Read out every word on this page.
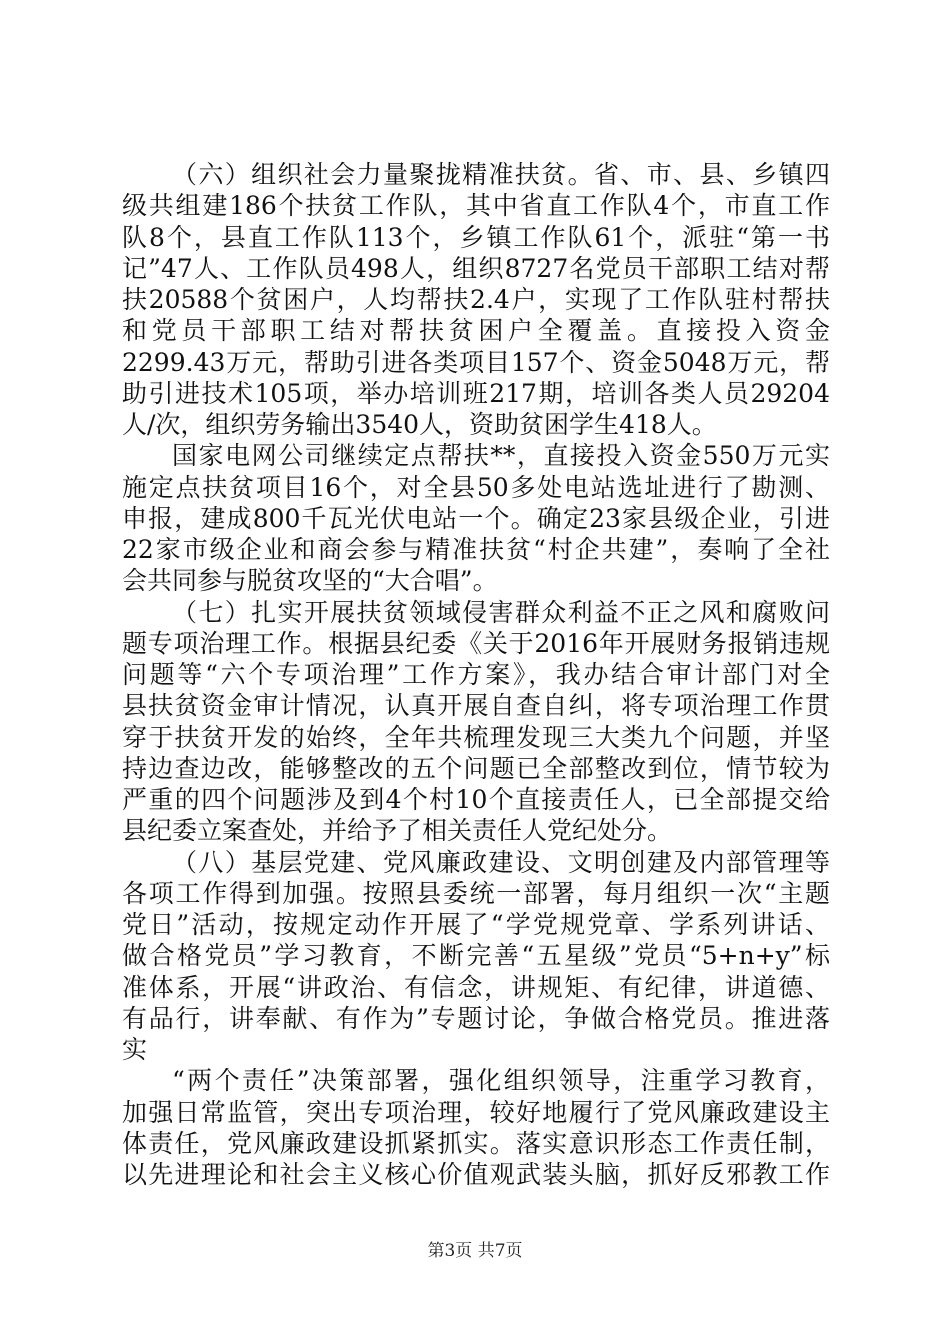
（六）组织社会力量聚拢精准扶贫。省、市、县、乡镇四
级共组建186个扶贫工作队，其中省直工作队4个，市直工作
队8个，县直工作队113个，乡镇工作队61个，派驻“第一书
记”47人、工作队员498人，组织8727名党员干部职工结对帮
扶20588个贫困户，人均帮扶2.4户，实现了工作队驻村帮扶
和党员干部职工结对帮扶贫困户全覆盖。直接投入资金
2299.43万元，帮助引进各类项目157个、资金5048万元，帮
助引进技术105项，举办培训班217期，培训各类人员29204
人/次，组织劳务输出3540人，资助贫困学生418人。
国家电网公司继续定点帮扶**，直接投入资金550万元实
施定点扶贫项目16个，对全县50多处电站选址进行了勘测、
申报，建成800千瓦光伏电站一个。确定23家县级企业，引进
22家市级企业和商会参与精准扶贫“村企共建”，奏响了全社
会共同参与脱贫攻坚的“大合唱”。
（七）扎实开展扶贫领域侵害群众利益不正之风和腐败问
题专项治理工作。根据县纪委《关于2016年开展财务报销违规
问题等“六个专项治理”工作方案》，我办结合审计部门对全
县扶贫资金审计情况，认真开展自查自纠，将专项治理工作贯
穿于扶贫开发的始终，全年共梳理发现三大类九个问题，并坚
持边查边改，能够整改的五个问题已全部整改到位，情节较为
严重的四个问题涉及到4个村10个直接责任人，已全部提交给
县纪委立案查处，并给予了相关责任人党纪处分。
（八）基层党建、党风廉政建设、文明创建及内部管理等
各项工作得到加强。按照县委统一部署，每月组织一次“主题
党日”活动，按规定动作开展了“学党规党章、学系列讲话、
做合格党员”学习教育，不断完善“五星级”党员“5+n+y”标
准体系，开展“讲政治、有信念，讲规矩、有纪律，讲道德、
有品行，讲奉献、有作为”专题讨论，争做合格党员。推进落
实
“两个责任”决策部署，强化组织领导，注重学习教育，
加强日常监管，突出专项治理，较好地履行了党风廉政建设主
体责任，党风廉政建设抓紧抓实。落实意识形态工作责任制，
以先进理论和社会主义核心价值观武装头脑，抓好反邪教工作
第3页 共7页
